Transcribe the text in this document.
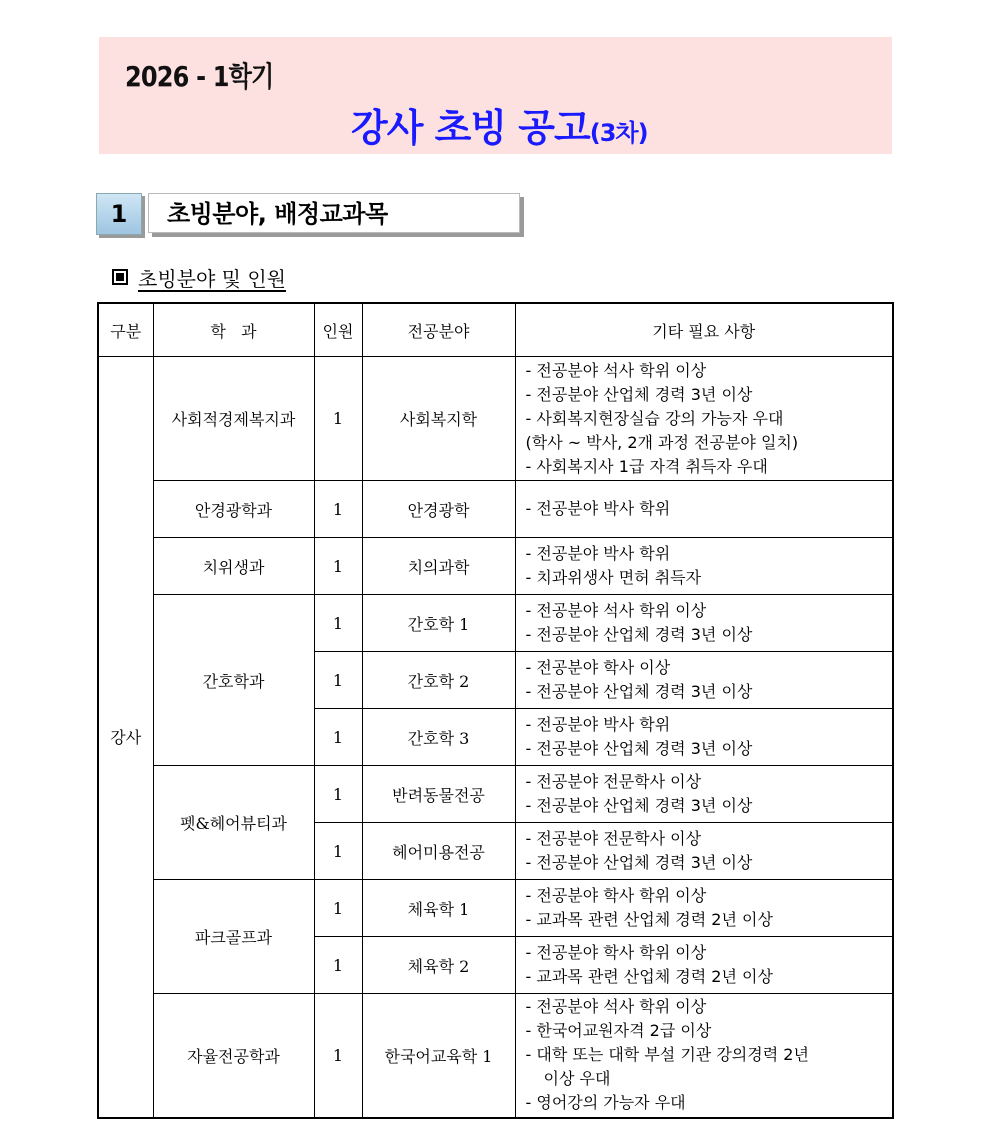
2026 - 1학기
강사 초빙 공고(3차)
1	초빙분야, 배정교과목
초빙분야 및 인원
구분	학   과	인원	전공분야	기타 필요 사항
강사	사회적경제복지과	1	사회복지학	- 전공분야 석사 학위 이상
- 전공분야 산업체 경력 3년 이상
- 사회복지현장실습 강의 가능자 우대
(학사 ~ 박사, 2개 과정 전공분야 일치)
- 사회복지사 1급 자격 취득자 우대

	안경광학과	1	안경광학	- 전공분야 박사 학위

	치위생과	1	치의과학	- 전공분야 박사 학위
- 치과위생사 면허 취득자

	간호학과	1	간호학 1	- 전공분야 석사 학위 이상
- 전공분야 산업체 경력 3년 이상

		1	간호학 2	- 전공분야 학사 이상
- 전공분야 산업체 경력 3년 이상

		1	간호학 3	- 전공분야 박사 학위
- 전공분야 산업체 경력 3년 이상

	펫&헤어뷰티과	1	반려동물전공	- 전공분야 전문학사 이상
- 전공분야 산업체 경력 3년 이상

		1	헤어미용전공	- 전공분야 전문학사 이상
- 전공분야 산업체 경력 3년 이상

	파크골프과	1	체육학 1	- 전공분야 학사 학위 이상
- 교과목 관련 산업체 경력 2년 이상

		1	체육학 2	- 전공분야 학사 학위 이상
- 교과목 관련 산업체 경력 2년 이상

	자율전공학과	1	한국어교육학 1	- 전공분야 석사 학위 이상
- 한국어교원자격 2급 이상
- 대학 또는 대학 부설 기관 강의경력 2년
이상 우대
- 영어강의 가능자 우대
